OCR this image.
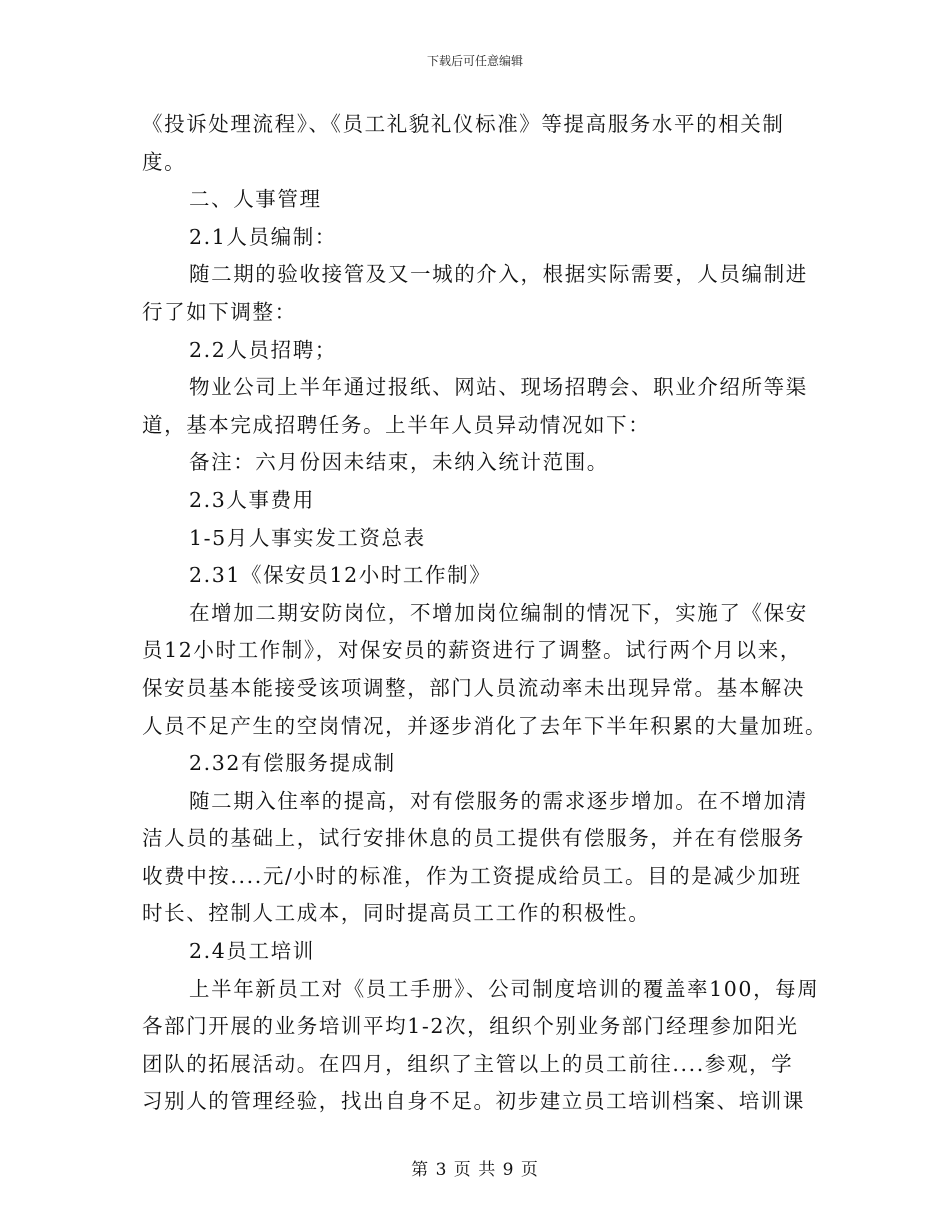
下载后可任意编辑

《投诉处理流程》、《员工礼貌礼仪标准》等提高服务水平的相关制

度。

二、人事管理

2.1人员编制：

随二期的验收接管及又一城的介入，根据实际需要，人员编制进

行了如下调整：

2.2人员招聘；

物业公司上半年通过报纸、网站、现场招聘会、职业介绍所等渠

道，基本完成招聘任务。上半年人员异动情况如下：

备注：六月份因未结束，未纳入统计范围。

2.3人事费用

1-5月人事实发工资总表

2.31《保安员12小时工作制》

在增加二期安防岗位，不增加岗位编制的情况下，实施了《保安

员12小时工作制》，对保安员的薪资进行了调整。试行两个月以来，

保安员基本能接受该项调整，部门人员流动率未出现异常。基本解决

人员不足产生的空岗情况，并逐步消化了去年下半年积累的大量加班。

2.32有偿服务提成制

随二期入住率的提高，对有偿服务的需求逐步增加。在不增加清

洁人员的基础上，试行安排休息的员工提供有偿服务，并在有偿服务

收费中按....元/小时的标准，作为工资提成给员工。目的是减少加班

时长、控制人工成本，同时提高员工工作的积极性。

2.4员工培训

上半年新员工对《员工手册》、公司制度培训的覆盖率100，每周

各部门开展的业务培训平均1-2次，组织个别业务部门经理参加阳光

团队的拓展活动。在四月，组织了主管以上的员工前往....参观，学

习别人的管理经验，找出自身不足。初步建立员工培训档案、培训课

第 3 页 共 9 页
